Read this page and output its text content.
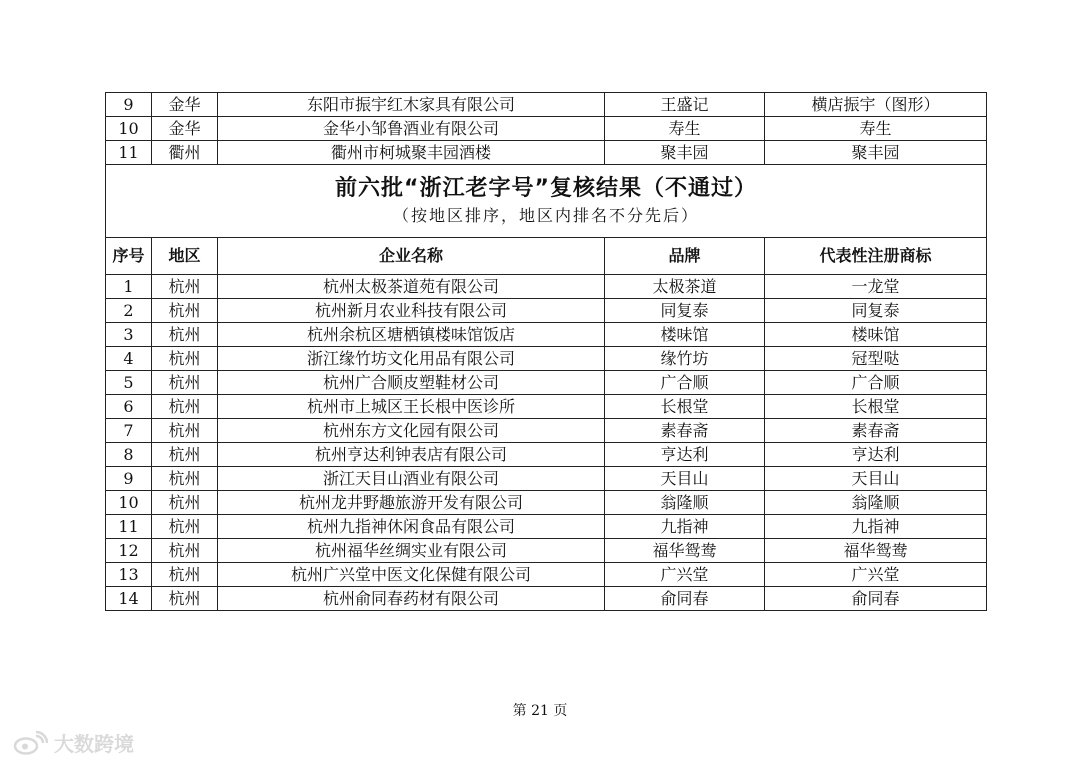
9	金华	东阳市振宇红木家具有限公司	王盛记	横店振宇（图形）
10	金华	金华小邹鲁酒业有限公司	寿生	寿生
11	衢州	衢州市柯城聚丰园酒楼	聚丰园	聚丰园

前六批“浙江老字号”复核结果（不通过）
（按地区排序，地区内排名不分先后）				

序号	地区	企业名称	品牌	代表性注册商标
1	杭州	杭州太极茶道苑有限公司	太极茶道	一龙堂
2	杭州	杭州新月农业科技有限公司	同复泰	同复泰
3	杭州	杭州余杭区塘栖镇楼味馆饭店	楼味馆	楼味馆
4	杭州	浙江缘竹坊文化用品有限公司	缘竹坊	冠型哒
5	杭州	杭州广合顺皮塑鞋材公司	广合顺	广合顺
6	杭州	杭州市上城区王长根中医诊所	长根堂	长根堂
7	杭州	杭州东方文化园有限公司	素春斋	素春斋
8	杭州	杭州亨达利钟表店有限公司	亨达利	亨达利
9	杭州	浙江天目山酒业有限公司	天目山	天目山
10	杭州	杭州龙井野趣旅游开发有限公司	翁隆顺	翁隆顺
11	杭州	杭州九指神休闲食品有限公司	九指神	九指神
12	杭州	杭州福华丝绸实业有限公司	福华鸳鸯	福华鸳鸯
13	杭州	杭州广兴堂中医文化保健有限公司	广兴堂	广兴堂
14	杭州	杭州俞同春药材有限公司	俞同春	俞同春
第 21 页
大数跨境
